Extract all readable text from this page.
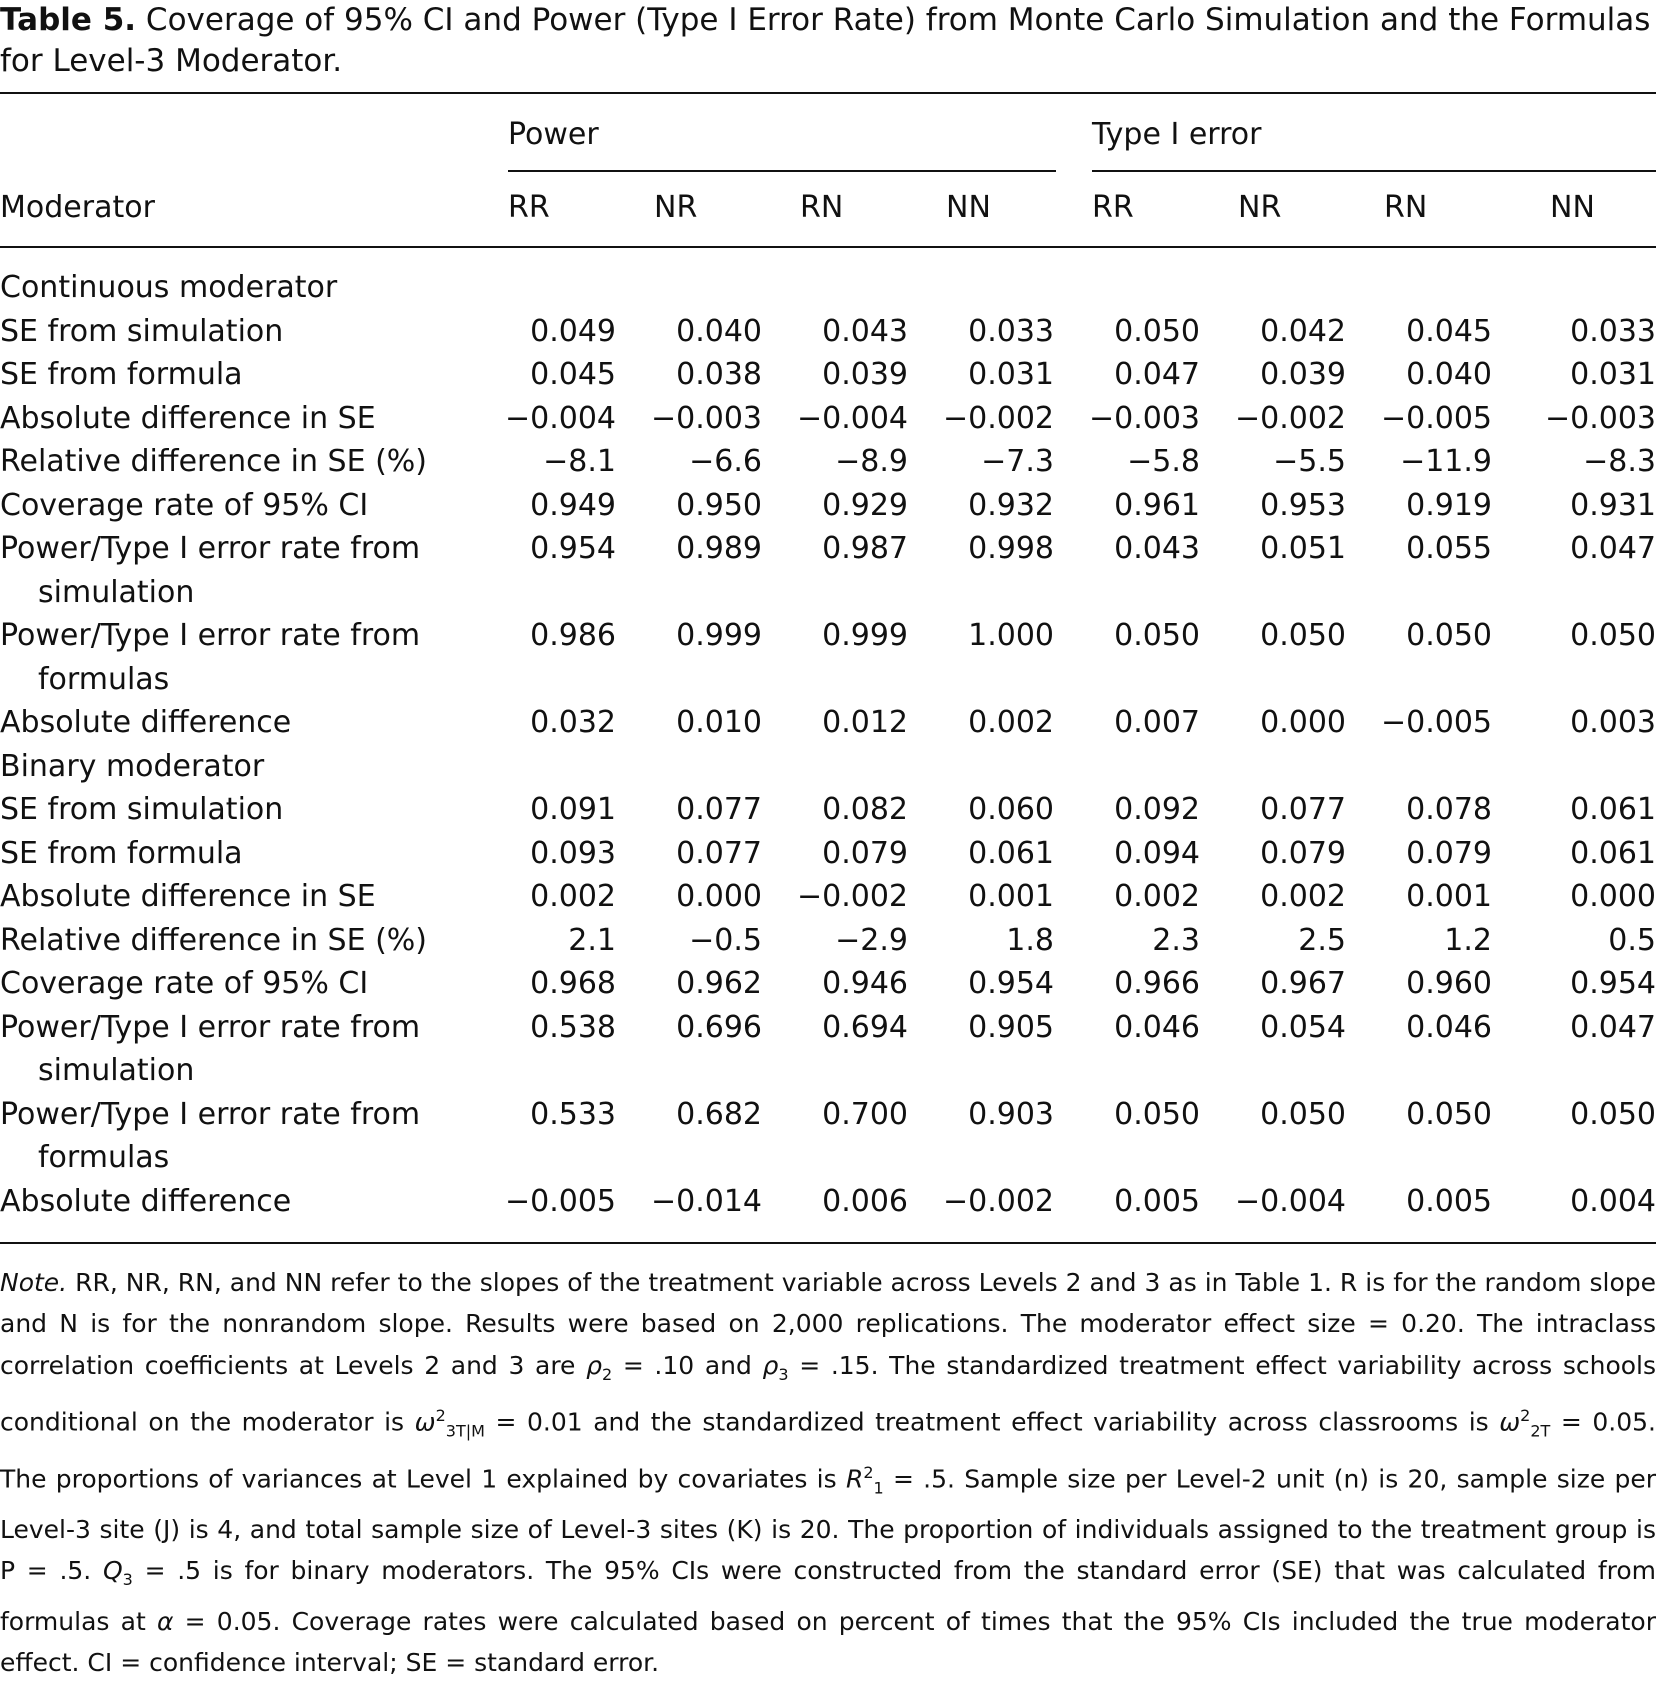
Table 5. Coverage of 95% CI and Power (Type I Error Rate) from Monte Carlo Simulation and the Formulas for Level-3 Moderator.

Power	Type I error
Moderator	RR	NR	RN	NN	RR	NR	RN	NN
Continuous moderator
SE from simulation	0.049 0.040 0.043 0.033 0.050 0.042 0.045	0.033
SE from formula	0.045 0.038 0.039 0.031 0.047 0.039 0.040	0.031
Absolute difference in SE	−0.004 −0.003 −0.004 −0.002 −0.003 −0.002 −0.005 −0.003
Relative difference in SE (%)	−8.1 −6.6 −8.9 −7.3 −5.8 −5.5 −11.9	−8.3
Coverage rate of 95% CI	0.949 0.950 0.929 0.932 0.961 0.953 0.919	0.931
Power/Type I error rate from	0.954 0.989 0.987 0.998 0.043 0.051 0.055	0.047
simulation
Power/Type I error rate from	0.986 0.999 0.999 1.000 0.050 0.050 0.050	0.050
formulas
Absolute difference	0.032 0.010 0.012 0.002 0.007 0.000 −0.005	0.003
Binary moderator
SE from simulation	0.091 0.077 0.082 0.060 0.092 0.077 0.078	0.061
SE from formula	0.093 0.077 0.079 0.061 0.094 0.079 0.079	0.061
Absolute difference in SE	0.002 0.000 −0.002 0.001 0.002 0.002 0.001	0.000
Relative difference in SE (%)	2.1 −0.5 −2.9	1.8	2.3	2.5	1.2	0.5
Coverage rate of 95% CI	0.968 0.962 0.946 0.954 0.966 0.967 0.960	0.954
Power/Type I error rate from	0.538 0.696 0.694 0.905 0.046 0.054 0.046	0.047
simulation
Power/Type I error rate from	0.533 0.682 0.700 0.903 0.050 0.050 0.050	0.050
formulas
Absolute difference	−0.005 −0.014 0.006 −0.002 0.005 −0.004 0.005	0.004

Note. RR, NR, RN, and NN refer to the slopes of the treatment variable across Levels 2 and 3 as in Table 1. R is for the random slope and N is for the nonrandom slope. Results were based on 2,000 replications. The moderator effect size = 0.20. The intraclass correlation coefficients at Levels 2 and 3 are $\rho_2 = .10$ and $\rho_3 = .15$. The standardized treatment effect variability across schools conditional on the moderator is $\omega^2_{3T|M} = 0.01$ and the standardized treatment effect variability across classrooms is $\omega^2_{2T} = 0.05$. The proportions of variances at Level 1 explained by covariates is $R^2_1 = .5$. Sample size per Level-2 unit (n) is 20, sample size per Level-3 site (J) is 4, and total sample size of Level-3 sites (K) is 20. The proportion of individuals assigned to the treatment group is P = .5. $Q_3 = .5$ is for binary moderators. The 95% CIs were constructed from the standard error (SE) that was calculated from formulas at α = 0.05. Coverage rates were calculated based on percent of times that the 95% CIs included the true moderator effect. CI = confidence interval; SE = standard error.
